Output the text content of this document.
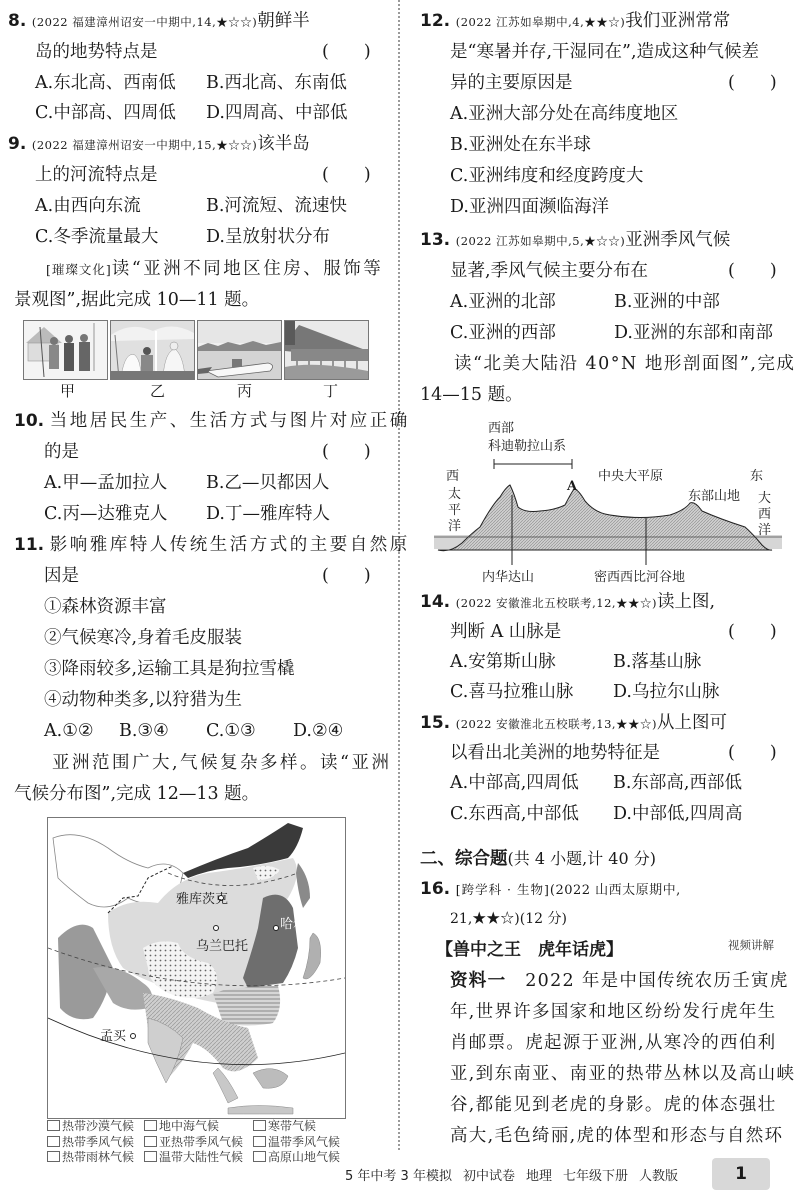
8. (2022 福建漳州诏安一中期中,14,★☆☆)朝鲜半
岛的地势特点是	(　　)
A.东北高、西南低 B.西北高、东南低
C.中部高、四周低 D.四周高、中部低
9. (2022 福建漳州诏安一中期中,15,★☆☆)该半岛
上的河流特点是	(　　)
A.由西向东流	B.河流短、流速快
C.冬季流量最大	D.呈放射状分布
[璀璨文化]读“亚洲不同地区住房、服饰等
景观图”,据此完成 10—11 题。
甲	乙	丙	丁
10. 当地居民生产、生活方式与图片对应正确
的是	(　　)
A.甲—孟加拉人 B.乙—贝都因人
C.丙—达雅克人 D.丁—雅库特人
11. 影响雅库特人传统生活方式的主要自然原
因是	(　　)
①森林资源丰富
②气候寒冷,身着毛皮服装
③降雨较多,运输工具是狗拉雪橇
④动物种类多,以狩猎为生
A.①② B.③④ C.①③ D.②④
亚洲范围广大,气候复杂多样。读“亚洲
气候分布图”,完成 12—13 题。
雅库茨克
哈尔滨
乌兰巴托
孟买
热带沙漠气候	地中海气候	寒带气候
热带季风气候	亚热带季风气候	温带季风气候
热带雨林气候	温带大陆性气候	高原山地气候
12. (2022 江苏如皋期中,4,★★☆)我们亚洲常常
是“寒暑并存,干湿同在”,造成这种气候差
异的主要原因是	(　　)
A.亚洲大部分处在高纬度地区
B.亚洲处在东半球
C.亚洲纬度和经度跨度大
D.亚洲四面濒临海洋
13. (2022 江苏如皋期中,5,★☆☆)亚洲季风气候
显著,季风气候主要分布在	(　　)
A.亚洲的北部	B.亚洲的中部
C.亚洲的西部	D.亚洲的东部和南部
读“北美大陆沿 40°N 地形剖面图”,完成
14—15 题。
西部
科迪勒拉山系
西	东
中央大平原
A
东部山地
太
平
洋
大
西
洋
内华达山	密西西比河谷地
14. (2022 安徽淮北五校联考,12,★★☆)读上图,
判断 A 山脉是	(　　)
A.安第斯山脉	B.落基山脉
C.喜马拉雅山脉 D.乌拉尔山脉
15. (2022 安徽淮北五校联考,13,★★☆)从上图可
以看出北美洲的地势特征是	(　　)
A.中部高,四周低 B.东部高,西部低
C.东西高,中部低 D.中部低,四周高
二、综合题(共 4 小题,计 40 分)
16. [跨学科 · 生物](2022 山西太原期中,
21,★★☆)(12 分)
【兽中之王　虎年话虎】	视频讲解
资料一　 2022 年是中国传统农历壬寅虎
年,世界许多国家和地区纷纷发行虎年生
肖邮票。虎起源于亚洲,从寒冷的西伯利
亚,到东南亚、南亚的热带丛林以及高山峡
谷,都能见到老虎的身影。虎的体态强壮
高大,毛色绮丽,虎的体型和形态与自然环
5 年中考 3 年模拟 初中试卷 地理 七年级下册 人教版	1
